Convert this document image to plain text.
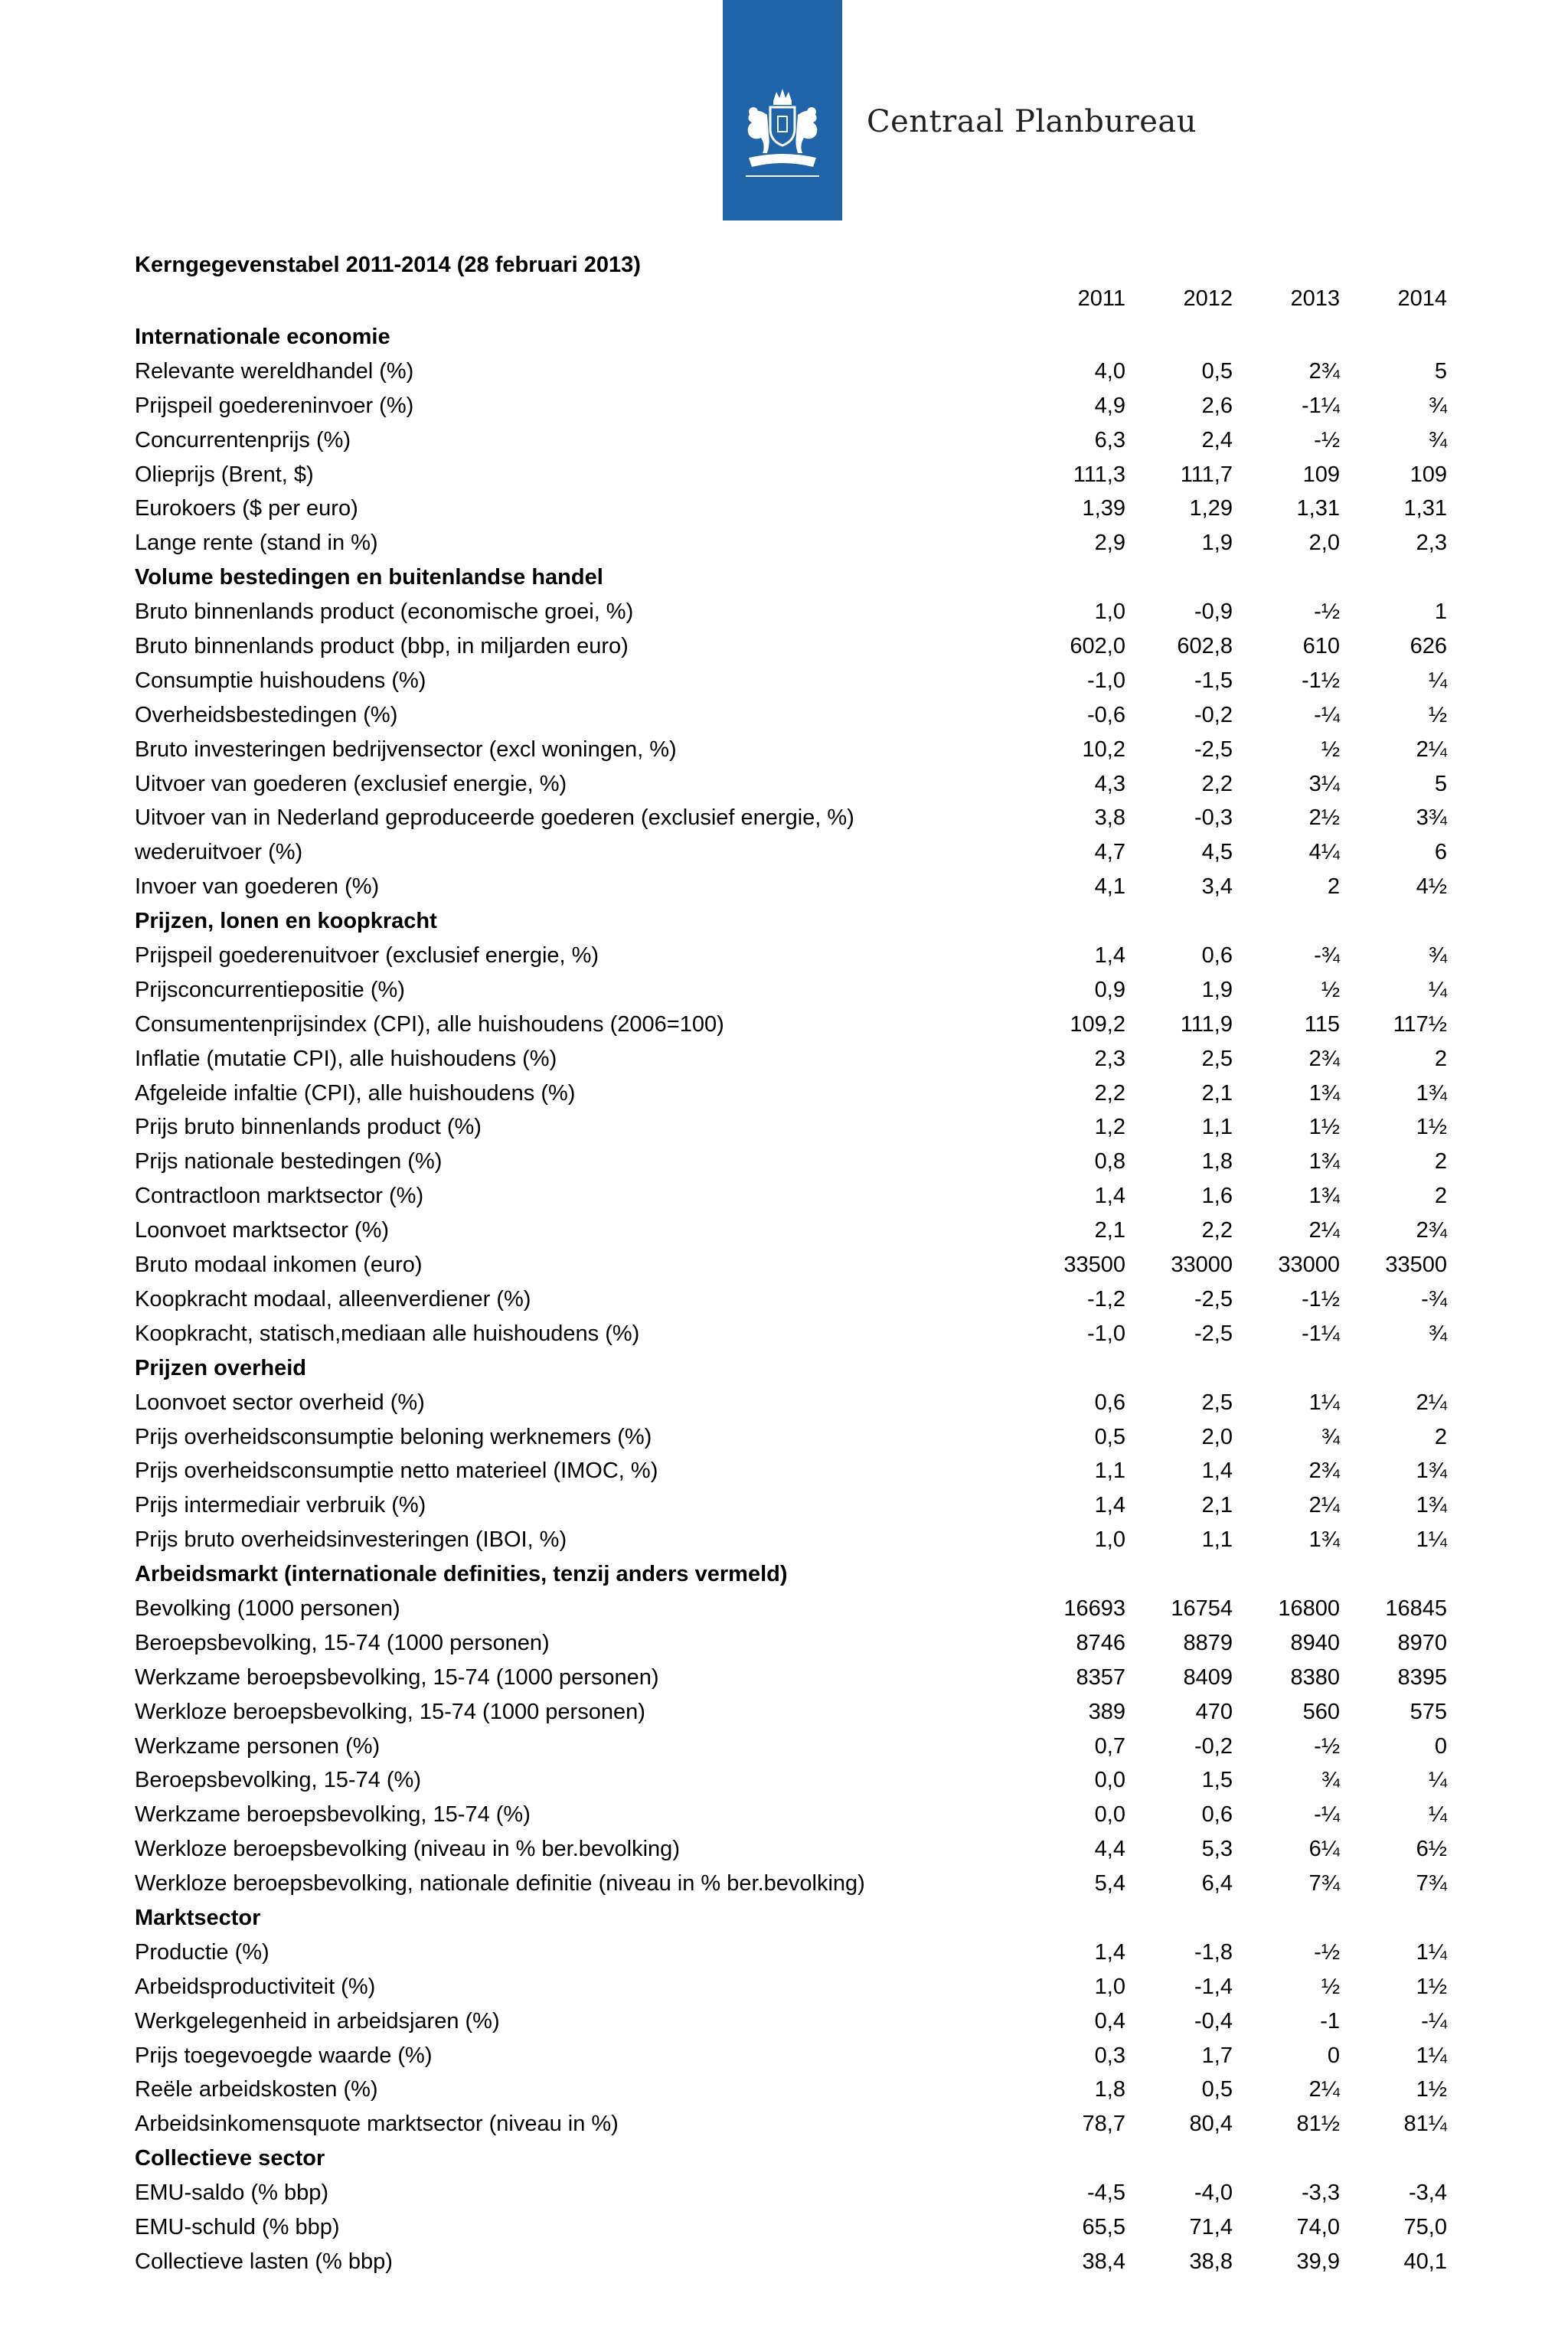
Centraal Planbureau
Kerngegevenstabel 2011-2014 (28 februari 2013)
2011	2012	2013	2014
Internationale economie
Relevante wereldhandel (%)	4,0	0,5	2¾	5
Prijspeil goedereninvoer (%)	4,9	2,6	-1¼	¾
Concurrentenprijs (%)	6,3	2,4	-½	¾
Olieprijs (Brent, $)	111,3	111,7	109	109
Eurokoers ($ per euro)	1,39	1,29	1,31	1,31
Lange rente (stand in %)	2,9	1,9	2,0	2,3
Volume bestedingen en buitenlandse handel
Bruto binnenlands product (economische groei, %)	1,0	-0,9	-½	1
Bruto binnenlands product (bbp, in miljarden euro)	602,0	602,8	610	626
Consumptie huishoudens (%)	-1,0	-1,5	-1½	¼
Overheidsbestedingen (%)	-0,6	-0,2	-¼	½
Bruto investeringen bedrijvensector (excl woningen, %)	10,2	-2,5	½	2¼
Uitvoer van goederen (exclusief energie, %)	4,3	2,2	3¼	5
Uitvoer van in Nederland geproduceerde goederen (exclusief energie, %)	3,8	-0,3	2½	3¾
wederuitvoer (%)	4,7	4,5	4¼	6
Invoer van goederen (%)	4,1	3,4	2	4½
Prijzen, lonen en koopkracht
Prijspeil goederenuitvoer (exclusief energie, %)	1,4	0,6	-¾	¾
Prijsconcurrentiepositie (%)	0,9	1,9	½	¼
Consumentenprijsindex (CPI), alle huishoudens (2006=100)	109,2	111,9	115	117½
Inflatie (mutatie CPI), alle huishoudens (%)	2,3	2,5	2¾	2
Afgeleide infaltie (CPI), alle huishoudens (%)	2,2	2,1	1¾	1¾
Prijs bruto binnenlands product (%)	1,2	1,1	1½	1½
Prijs nationale bestedingen (%)	0,8	1,8	1¾	2
Contractloon marktsector (%)	1,4	1,6	1¾	2
Loonvoet marktsector (%)	2,1	2,2	2¼	2¾
Bruto modaal inkomen (euro)	33500	33000	33000	33500
Koopkracht modaal, alleenverdiener (%)	-1,2	-2,5	-1½	-¾
Koopkracht, statisch,mediaan alle huishoudens (%)	-1,0	-2,5	-1¼	¾
Prijzen overheid
Loonvoet sector overheid (%)	0,6	2,5	1¼	2¼
Prijs overheidsconsumptie beloning werknemers (%)	0,5	2,0	¾	2
Prijs overheidsconsumptie netto materieel (IMOC, %)	1,1	1,4	2¾	1¾
Prijs intermediair verbruik (%)	1,4	2,1	2¼	1¾
Prijs bruto overheidsinvesteringen (IBOI, %)	1,0	1,1	1¾	1¼
Arbeidsmarkt (internationale definities, tenzij anders vermeld)
Bevolking (1000 personen)	16693	16754	16800	16845
Beroepsbevolking, 15-74 (1000 personen)	8746	8879	8940	8970
Werkzame beroepsbevolking, 15-74 (1000 personen)	8357	8409	8380	8395
Werkloze beroepsbevolking, 15-74 (1000 personen)	389	470	560	575
Werkzame personen (%)	0,7	-0,2	-½	0
Beroepsbevolking, 15-74 (%)	0,0	1,5	¾	¼
Werkzame beroepsbevolking, 15-74 (%)	0,0	0,6	-¼	¼
Werkloze beroepsbevolking (niveau in % ber.bevolking)	4,4	5,3	6¼	6½
Werkloze beroepsbevolking, nationale definitie (niveau in % ber.bevolking)	5,4	6,4	7¾	7¾
Marktsector
Productie (%)	1,4	-1,8	-½	1¼
Arbeidsproductiviteit (%)	1,0	-1,4	½	1½
Werkgelegenheid in arbeidsjaren (%)	0,4	-0,4	-1	-¼
Prijs toegevoegde waarde (%)	0,3	1,7	0	1¼
Reële arbeidskosten (%)	1,8	0,5	2¼	1½
Arbeidsinkomensquote marktsector (niveau in %)	78,7	80,4	81½	81¼
Collectieve sector
EMU-saldo (% bbp)	-4,5	-4,0	-3,3	-3,4
EMU-schuld (% bbp)	65,5	71,4	74,0	75,0
Collectieve lasten (% bbp)	38,4	38,8	39,9	40,1
